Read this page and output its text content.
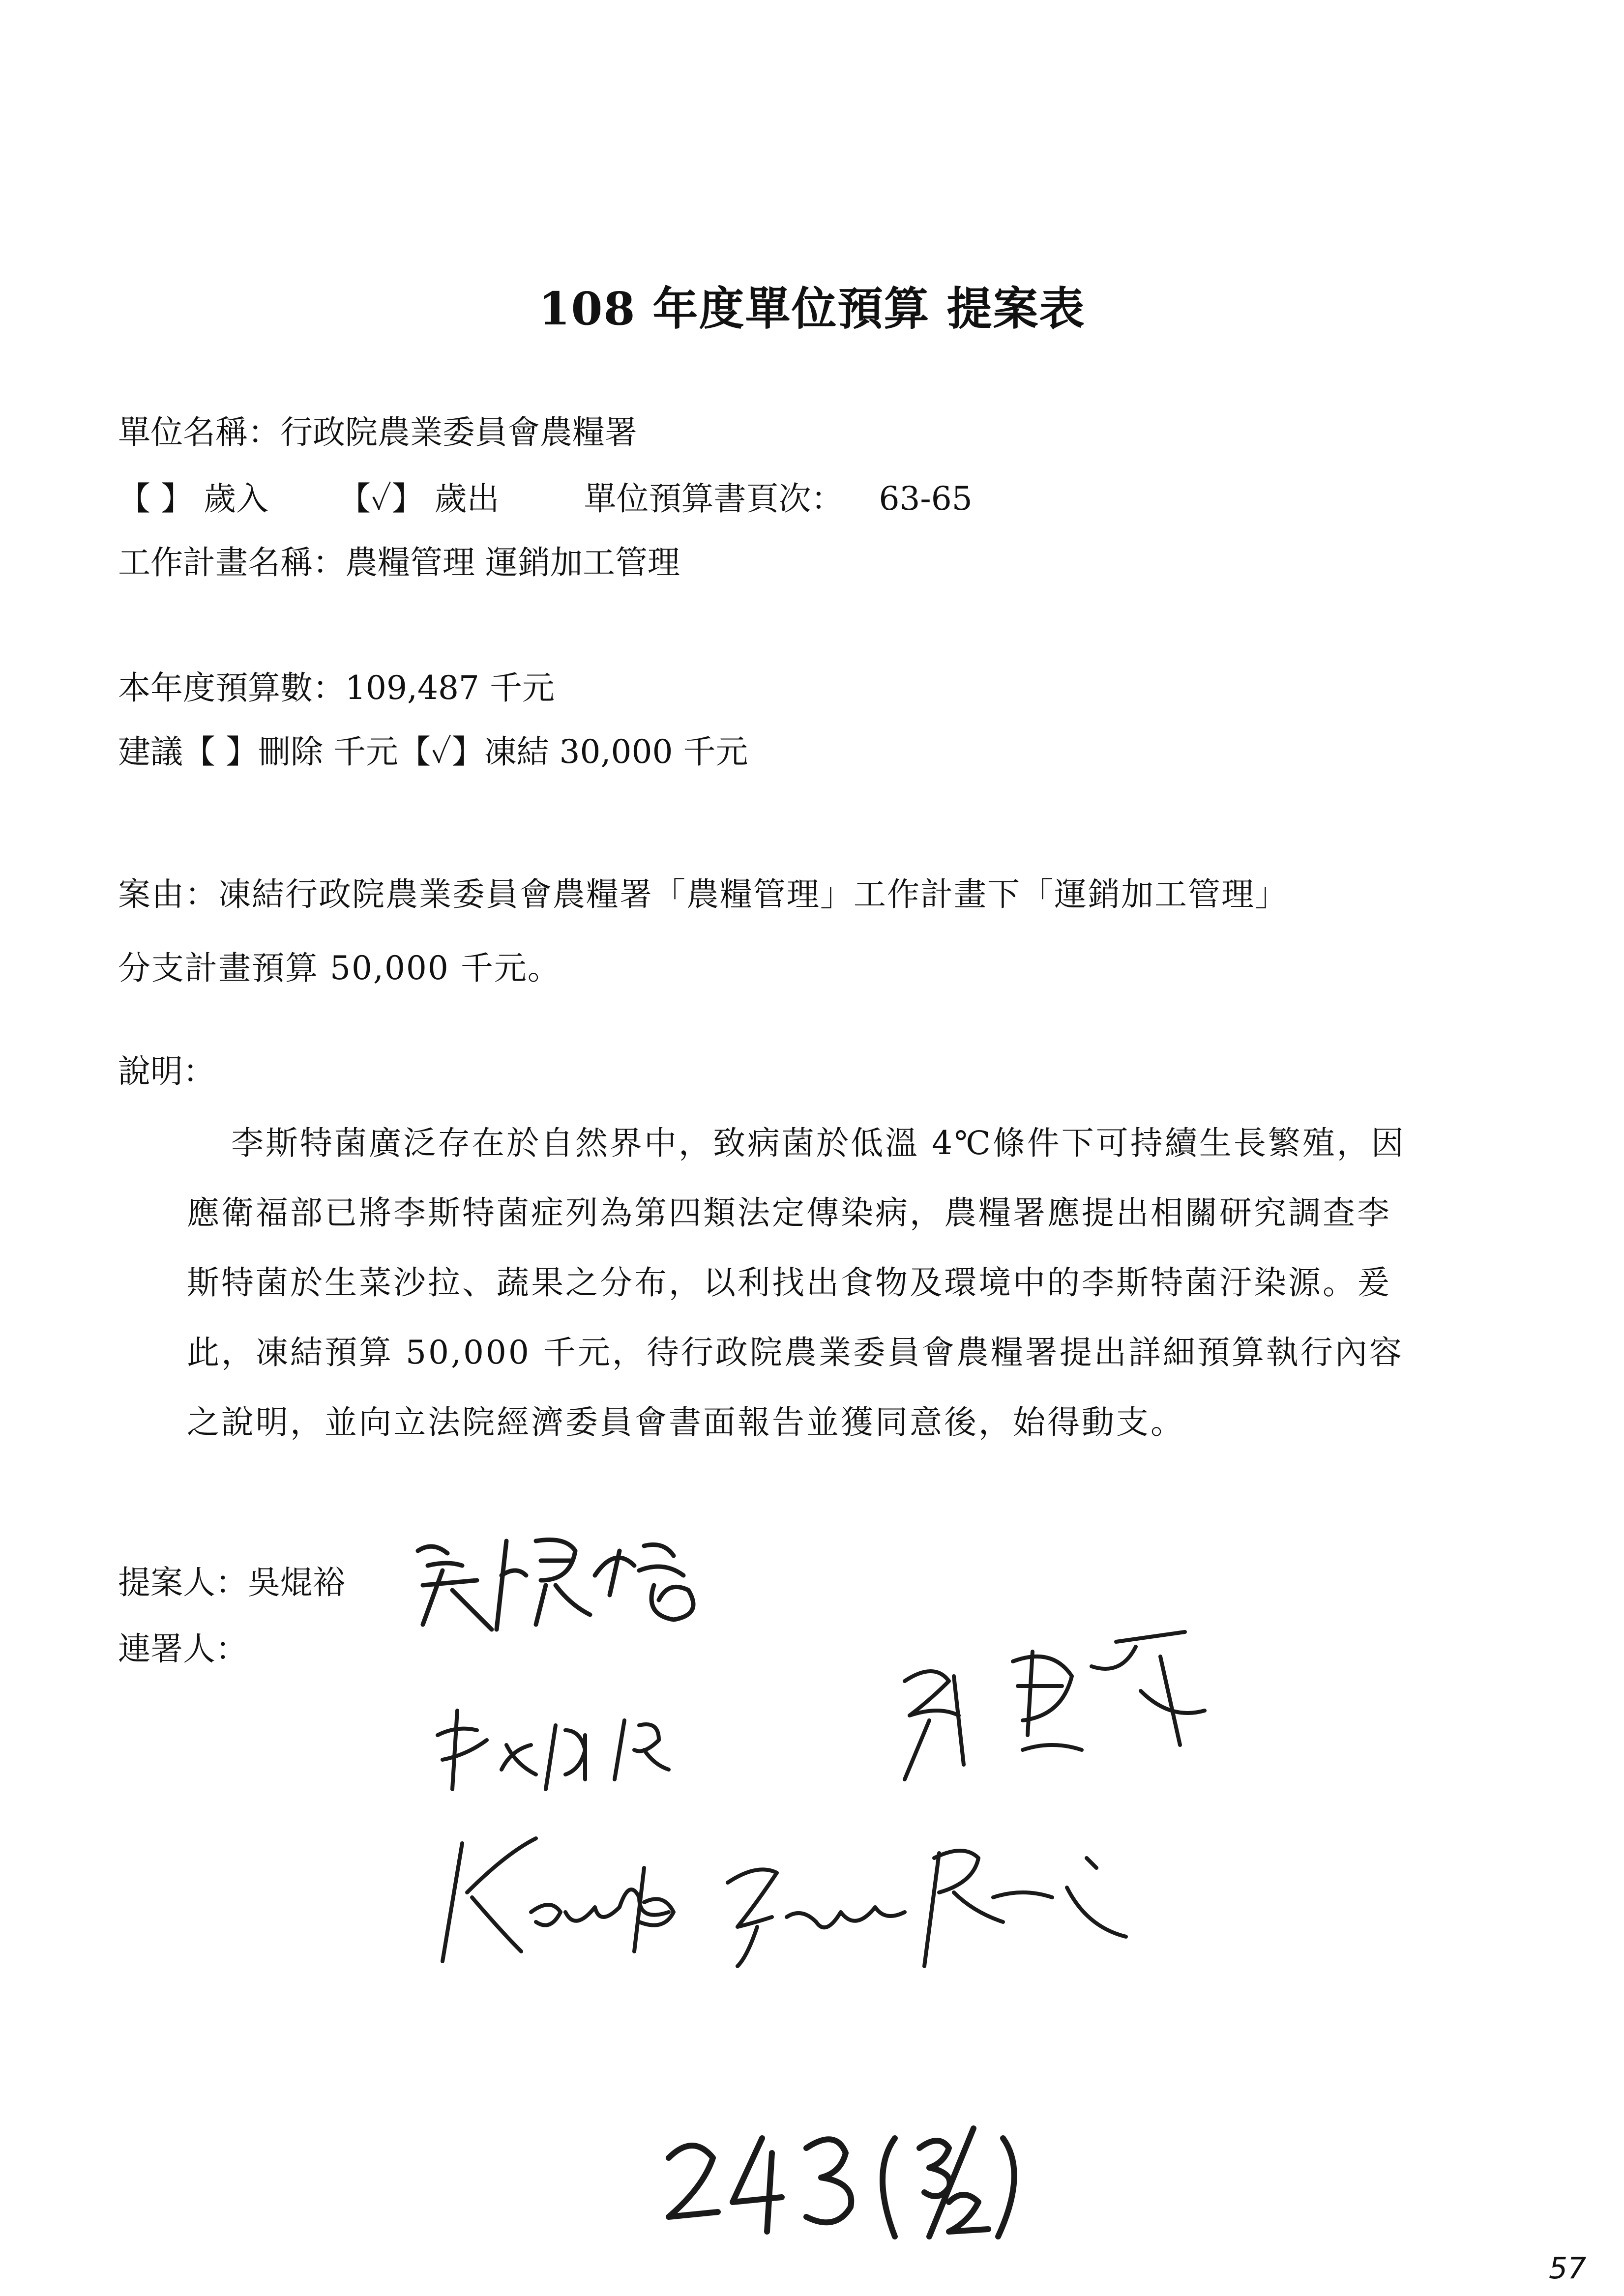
108 年度單位預算 提案表
單位名稱：行政院農業委員會農糧署
【 】 歲入 【✓】 歲出	單位預算書頁次： 63-65
工作計畫名稱：農糧管理 運銷加工管理
本年度預算數：109,487 千元
建議【 】刪除 千元【✓】凍結 30,000 千元
案由：凍結行政院農業委員會農糧署「農糧管理」工作計畫下「運銷加工管理」
分支計畫預算 50,000 千元。
說明：
李斯特菌廣泛存在於自然界中，致病菌於低溫 4℃條件下可持續生長繁殖，因應衛福部已將李斯特菌症列為第四類法定傳染病，農糧署應提出相關研究調查李斯特菌於生菜沙拉、蔬果之分布，以利找出食物及環境中的李斯特菌汙染源。爰此，凍結預算 50,000 千元，待行政院農業委員會農糧署提出詳細預算執行內容之說明，並向立法院經濟委員會書面報告並獲同意後，始得動支。
提案人：吳焜裕
連署人：
57
